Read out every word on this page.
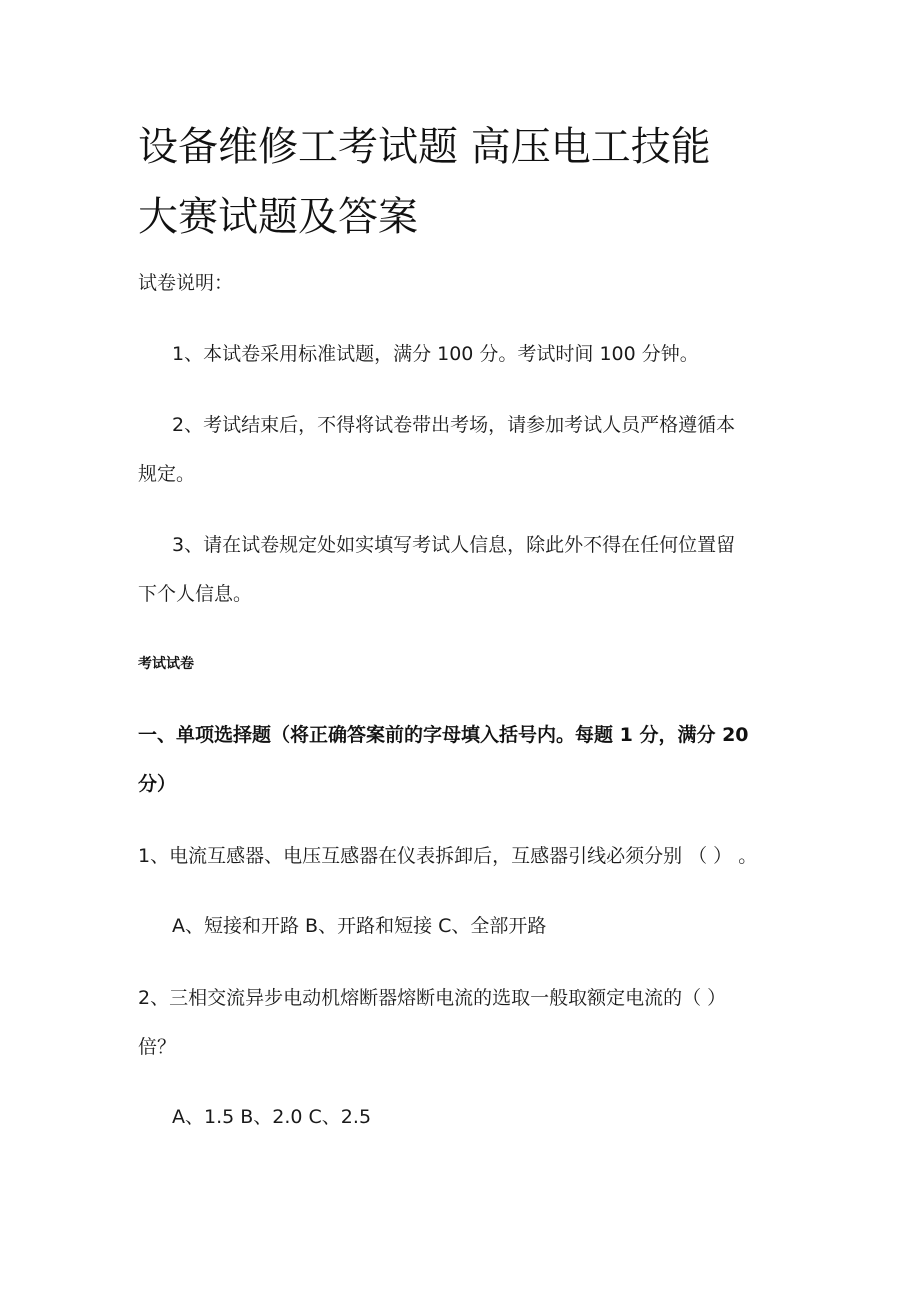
设备维修工考试题 高压电工技能
大赛试题及答案

试卷说明：

1、本试卷采用标准试题，满分 100 分。考试时间 100 分钟。

2、考试结束后，不得将试卷带出考场，请参加考试人员严格遵循本

规定。

3、请在试卷规定处如实填写考试人信息，除此外不得在任何位置留

下个人信息。

考试试卷

一、单项选择题（将正确答案前的字母填入括号内。每题 1 分，满分 20

分）

1、电流互感器、电压互感器在仪表拆卸后，互感器引线必须分别 （ ） 。

A、短接和开路 B、开路和短接 C、全部开路

2、三相交流异步电动机熔断器熔断电流的选取一般取额定电流的（ ）

倍？

A、1.5 B、2.0 C、2.5
